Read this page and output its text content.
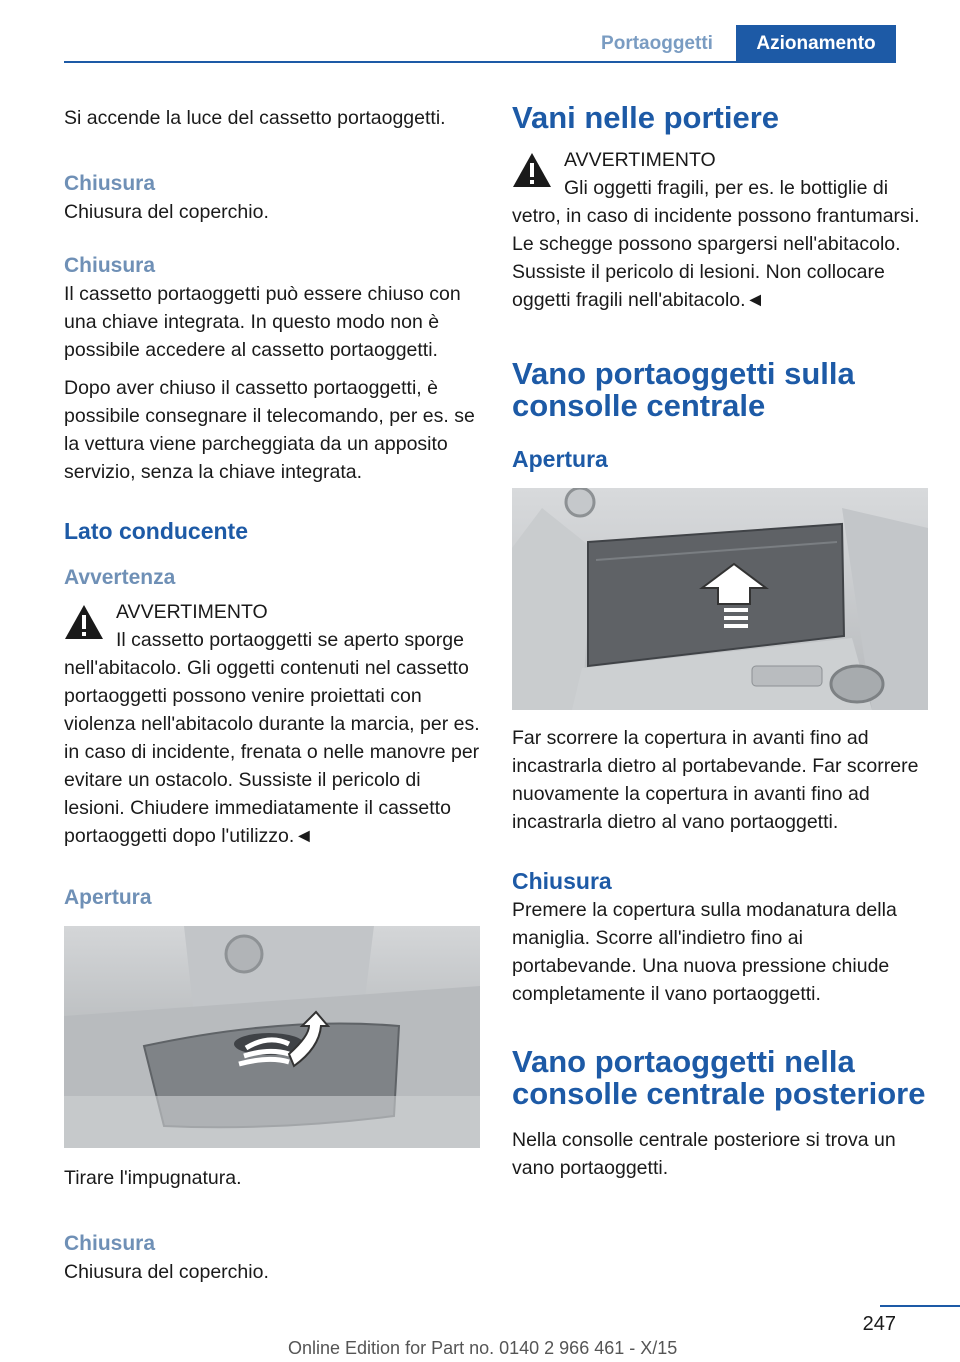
Portaoggetti	Azionamento

Si accende la luce del cassetto portaoggetti.

Chiusura

Chiusura del coperchio.

Chiusura

Il cassetto portaoggetti può essere chiuso con una chiave integrata. In questo modo non è possibile accedere al cassetto portaoggetti.

Dopo aver chiuso il cassetto portaoggetti, è possibile consegnare il telecomando, per es. se la vettura viene parcheggiata da un apposito servizio, senza la chiave integrata.

Lato conducente
Avvertenza
AVVERTIMENTO

Il cassetto portaoggetti se aperto sporge nell'abitacolo. Gli oggetti contenuti nel cassetto portaoggetti possono venire proiettati con violenza nell'abitacolo durante la marcia, per es. in caso di incidente, frenata o nelle manovre per evitare un ostacolo. Sussiste il pericolo di lesioni. Chiudere immediatamente il cassetto portaoggetti dopo l'utilizzo.◄

Apertura

Tirare l'impugnatura.

Chiusura

Chiusura del coperchio.

Vani nelle portiere
AVVERTIMENTO

Gli oggetti fragili, per es. le bottiglie di vetro, in caso di incidente possono frantumarsi. Le schegge possono spargersi nell'abitacolo. Sussiste il pericolo di lesioni. Non collocare oggetti fragili nell'abitacolo.◄

Vano portaoggetti sulla consolle centrale
Apertura

Far scorrere la copertura in avanti fino ad incastrarla dietro al portabevande. Far scorrere nuovamente la copertura in avanti fino ad incastrarla dietro al vano portaoggetti.

Chiusura

Premere la copertura sulla modanatura della maniglia. Scorre all'indietro fino ai portabevande. Una nuova pressione chiude completamente il vano portaoggetti.

Vano portaoggetti nella consolle centrale posteriore

Nella consolle centrale posteriore si trova un vano portaoggetti.

247
Online Edition for Part no. 0140 2 966 461 - X/15
